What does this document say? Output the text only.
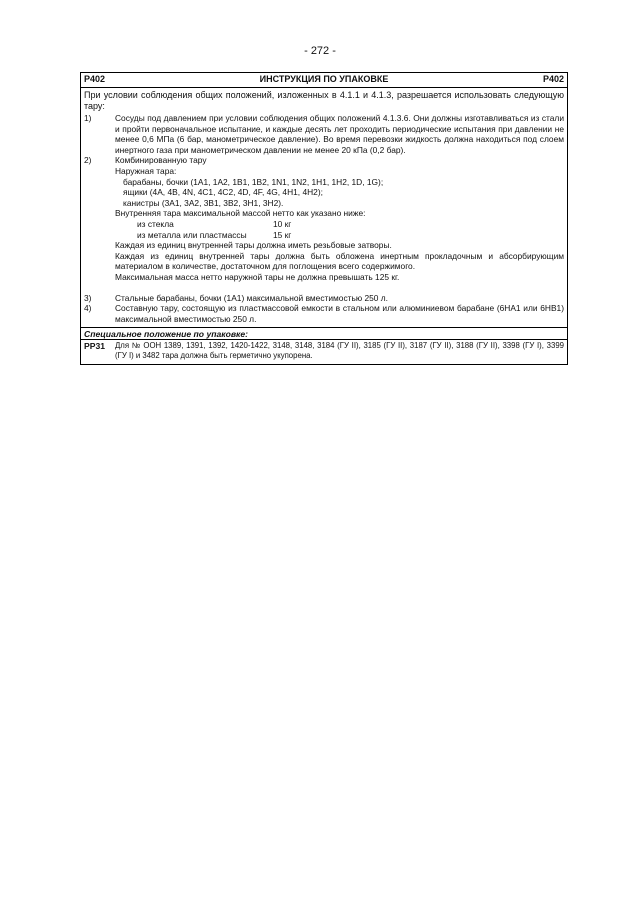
- 272 -
P402	ИНСТРУКЦИЯ ПО УПАКОВКЕ	P402
При условии соблюдения общих положений, изложенных в 4.1.1 и 4.1.3, разрешается использовать следующую тару:
1)	Сосуды под давлением при условии соблюдения общих положений 4.1.3.6. Они должны изготавливаться из стали и пройти первоначальное испытание, и каждые десять лет проходить периодические испытания при давлении не менее 0,6 МПа (6 бар, манометрическое давление). Во время перевозки жидкость должна находиться под слоем инертного газа при манометрическом давлении не менее 20 кПа (0,2 бар).
2)	Комбинированную тару
Наружная тара:
барабаны, бочки (1A1, 1A2, 1B1, 1B2, 1N1, 1N2, 1H1, 1H2, 1D, 1G);
ящики (4A, 4B, 4N, 4C1, 4C2, 4D, 4F, 4G, 4H1, 4H2);
канистры (3A1, 3A2, 3B1, 3B2, 3H1, 3H2).
Внутренняя тара максимальной массой нетто как указано ниже:
из стекла	10 кг
из металла или пластмассы	15 кг
Каждая из единиц внутренней тары должна иметь резьбовые затворы.
Каждая из единиц внутренней тары должна быть обложена инертным прокладочным и абсорбирующим материалом в количестве, достаточном для поглощения всего содержимого.
Максимальная масса нетто наружной тары не должна превышать 125 кг.
3)	Стальные барабаны, бочки (1A1) максимальной вместимостью 250 л.
4)	Составную тару, состоящую из пластмассовой емкости в стальном или алюминиевом барабане (6HA1 или 6HB1) максимальной вместимостью 250 л.
Специальное положение по упаковке:
PP31	Для № ООН 1389, 1391, 1392, 1420-1422, 3148, 3148, 3184 (ГУ II), 3185 (ГУ II), 3187 (ГУ II), 3188 (ГУ II), 3398 (ГУ I), 3399 (ГУ I) и 3482 тара должна быть герметично укупорена.
